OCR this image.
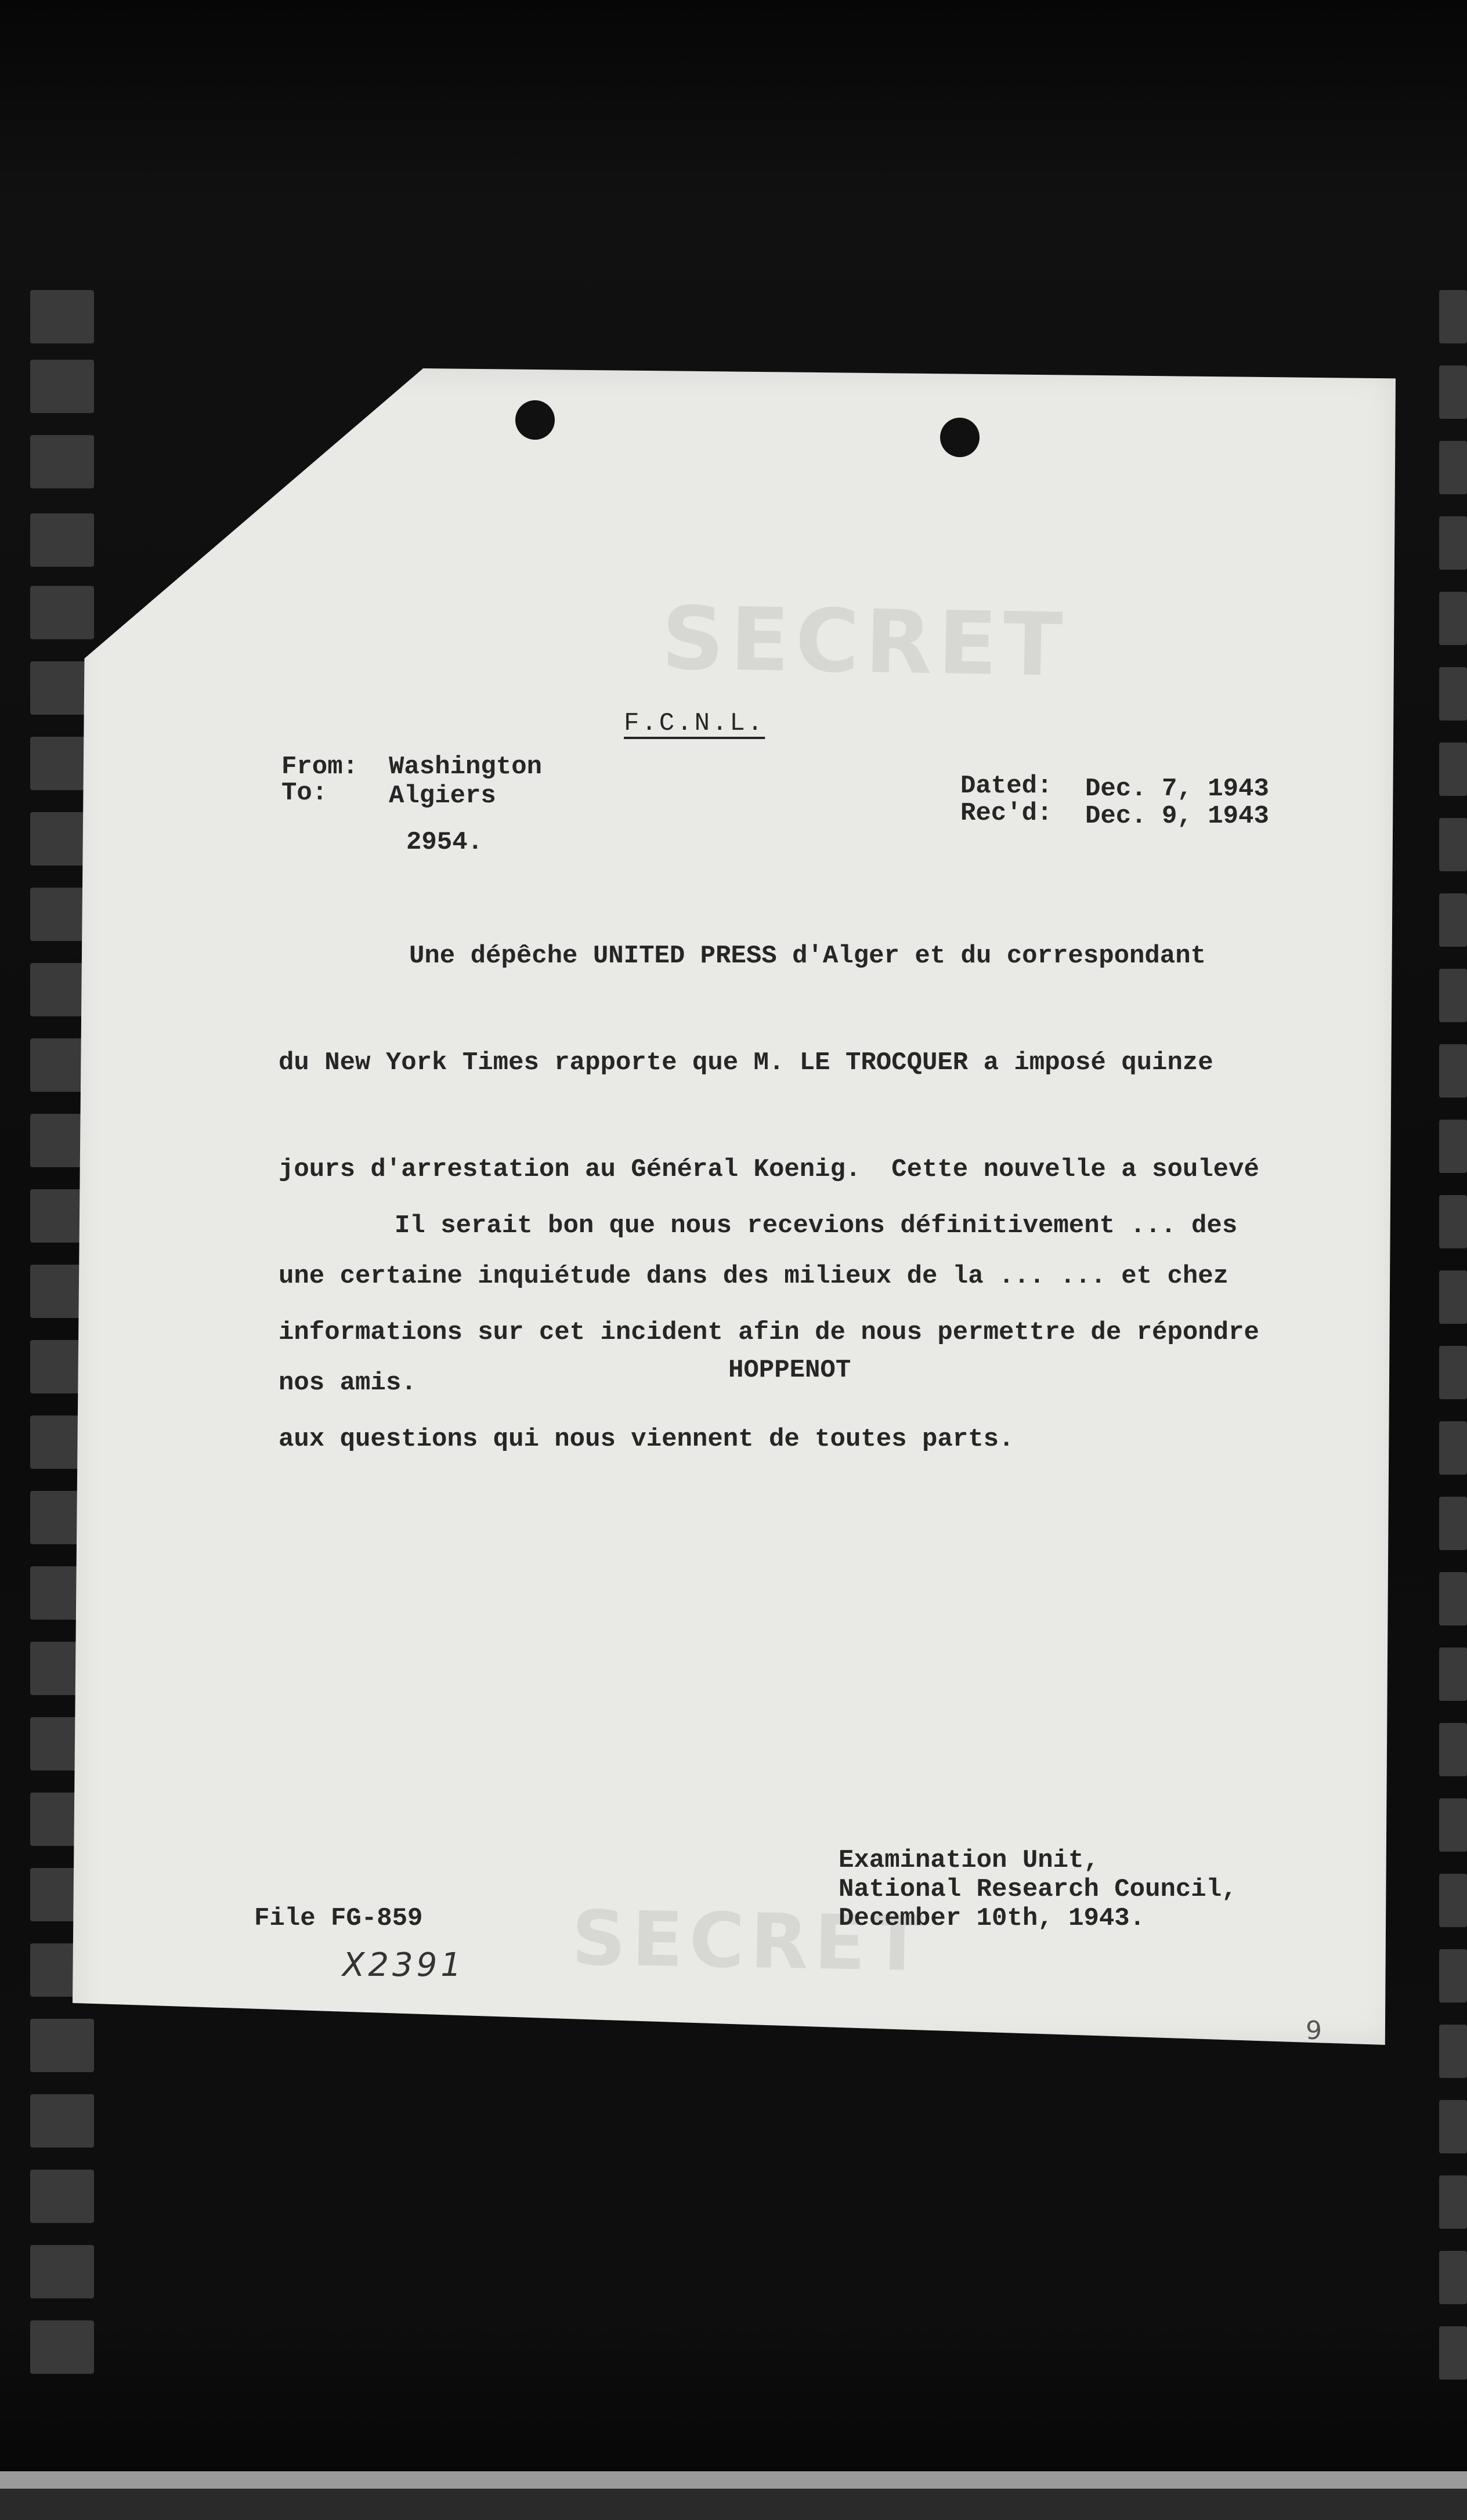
SECRET
SECRET
F.C.N.L.
From: Washington
To: Algiers	Dated: Dec. 7, 1943
Rec'd: Dec. 9, 1943
2954.

Une dépêche UNITED PRESS d'Alger et du correspondant

du New York Times rapporte que M. LE TROCQUER a imposé quinze

jours d'arrestation au Général Koenig.  Cette nouvelle a soulevé

une certaine inquiétude dans des milieux de la ... ... et chez

nos amis.

Il serait bon que nous recevions définitivement ... des

informations sur cet incident afin de nous permettre de répondre

aux questions qui nous viennent de toutes parts.

HOPPENOT
Examination Unit,
National Research Council,
December 10th, 1943.
File FG-859
X2391
9
